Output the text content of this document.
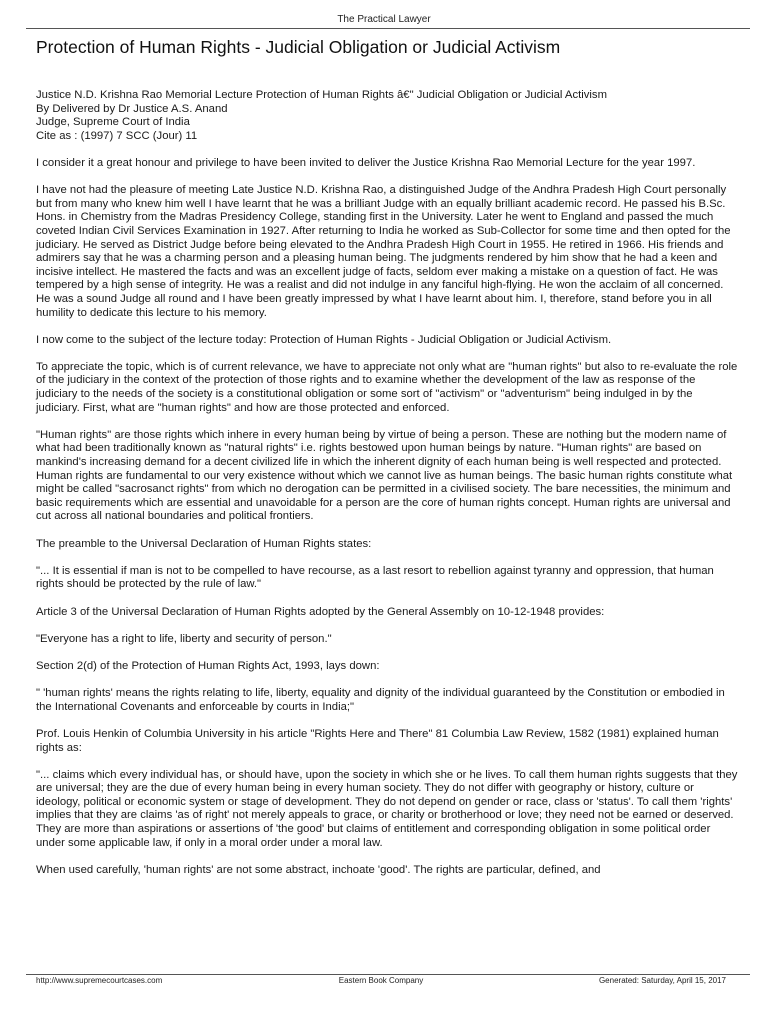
The Practical Lawyer
Protection of Human Rights - Judicial Obligation or Judicial Activism
Justice N.D. Krishna Rao Memorial Lecture Protection of Human Rights â€" Judicial Obligation or Judicial Activism
By Delivered by Dr Justice A.S. Anand
Judge, Supreme Court of India
Cite as : (1997) 7 SCC (Jour) 11

I consider it a great honour and privilege to have been invited to deliver the Justice Krishna Rao Memorial Lecture for the year 1997.

I have not had the pleasure of meeting Late Justice N.D. Krishna Rao, a distinguished Judge of the Andhra Pradesh High Court personally but from many who knew him well I have learnt that he was a brilliant Judge with an equally brilliant academic record. He passed his B.Sc. Hons. in Chemistry from the Madras Presidency College, standing first in the University. Later he went to England and passed the much coveted Indian Civil Services Examination in 1927. After returning to India he worked as Sub-Collector for some time and then opted for the judiciary. He served as District Judge before being elevated to the Andhra Pradesh High Court in 1955. He retired in 1966. His friends and admirers say that he was a charming person and a pleasing human being. The judgments rendered by him show that he had a keen and incisive intellect. He mastered the facts and was an excellent judge of facts, seldom ever making a mistake on a question of fact. He was tempered by a high sense of integrity. He was a realist and did not indulge in any fanciful high-flying. He won the acclaim of all concerned. He was a sound Judge all round and I have been greatly impressed by what I have learnt about him. I, therefore, stand before you in all humility to dedicate this lecture to his memory.

I now come to the subject of the lecture today: Protection of Human Rights - Judicial Obligation or Judicial Activism.

To appreciate the topic, which is of current relevance, we have to appreciate not only what are "human rights" but also to re-evaluate the role of the judiciary in the context of the protection of those rights and to examine whether the development of the law as response of the judiciary to the needs of the society is a constitutional obligation or some sort of "activism" or "adventurism" being indulged in by the judiciary. First, what are "human rights" and how are those protected and enforced.

"Human rights" are those rights which inhere in every human being by virtue of being a person. These are nothing but the modern name of what had been traditionally known as "natural rights" i.e. rights bestowed upon human beings by nature. "Human rights" are based on mankind's increasing demand for a decent civilized life in which the inherent dignity of each human being is well respected and protected. Human rights are fundamental to our very existence without which we cannot live as human beings. The basic human rights constitute what might be called "sacrosanct rights" from which no derogation can be permitted in a civilised society. The bare necessities, the minimum and basic requirements which are essential and unavoidable for a person are the core of human rights concept. Human rights are universal and cut across all national boundaries and political frontiers.

The preamble to the Universal Declaration of Human Rights states:

"... It is essential if man is not to be compelled to have recourse, as a last resort to rebellion against tyranny and oppression, that human rights should be protected by the rule of law."

Article 3 of the Universal Declaration of Human Rights adopted by the General Assembly on 10-12-1948 provides:

"Everyone has a right to life, liberty and security of person."

Section 2(d) of the Protection of Human Rights Act, 1993, lays down:

" 'human rights' means the rights relating to life, liberty, equality and dignity of the individual guaranteed by the Constitution or embodied in the International Covenants and enforceable by courts in India;"

Prof. Louis Henkin of Columbia University in his article "Rights Here and There" 81 Columbia Law Review, 1582 (1981) explained human rights as:

"... claims which every individual has, or should have, upon the society in which she or he lives. To call them human rights suggests that they are universal; they are the due of every human being in every human society. They do not differ with geography or history, culture or ideology, political or economic system or stage of development. They do not depend on gender or race, class or 'status'. To call them 'rights' implies that they are claims 'as of right' not merely appeals to grace, or charity or brotherhood or love; they need not be earned or deserved. They are more than aspirations or assertions of 'the good' but claims of entitlement and corresponding obligation in some political order under some applicable law, if only in a moral order under a moral law.

When used carefully, 'human rights' are not some abstract, inchoate 'good'. The rights are particular, defined, and

http://www.supremecourtcases.com	Eastern Book Company	Generated: Saturday, April 15, 2017
